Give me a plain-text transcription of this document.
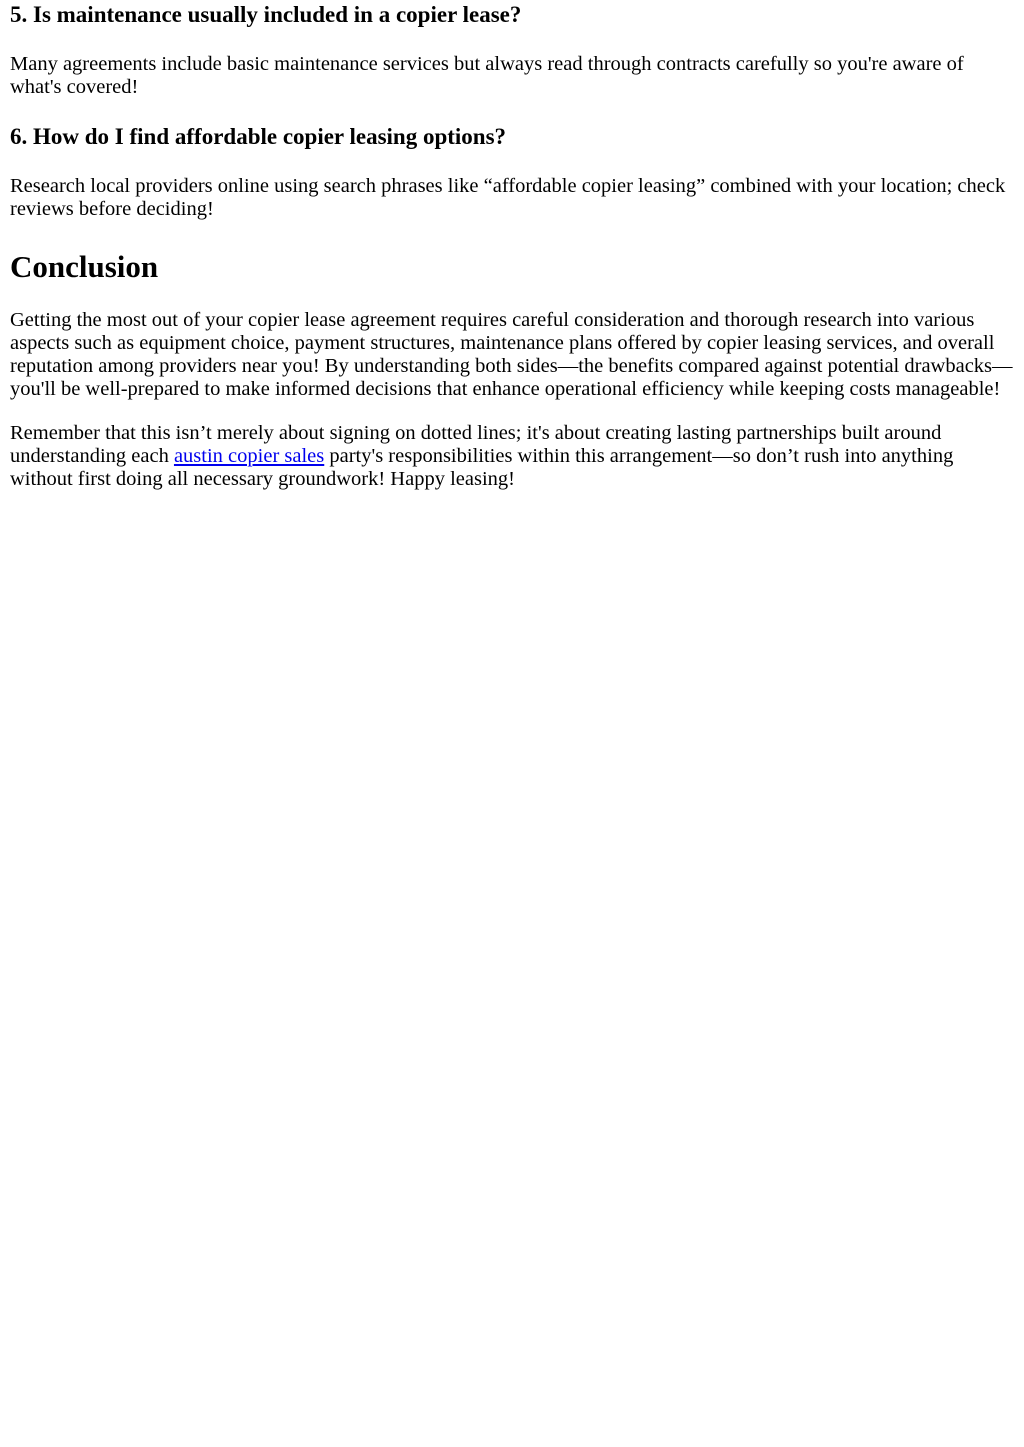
5. Is maintenance usually included in a copier lease?

Many agreements include basic maintenance services but always read through contracts carefully so you're aware of what's covered!

6. How do I find affordable copier leasing options?

Research local providers online using search phrases like “affordable copier leasing” combined with your location; check reviews before deciding!

Conclusion

Getting the most out of your copier lease agreement requires careful consideration and thorough research into various aspects such as equipment choice, payment structures, maintenance plans offered by copier leasing services, and overall reputation among providers near you! By understanding both sides—the benefits compared against potential drawbacks—you'll be well-prepared to make informed decisions that enhance operational efficiency while keeping costs manageable!

Remember that this isn’t merely about signing on dotted lines; it's about creating lasting partnerships built around understanding each austin copier sales party's responsibilities within this arrangement—so don’t rush into anything without first doing all necessary groundwork! Happy leasing!
